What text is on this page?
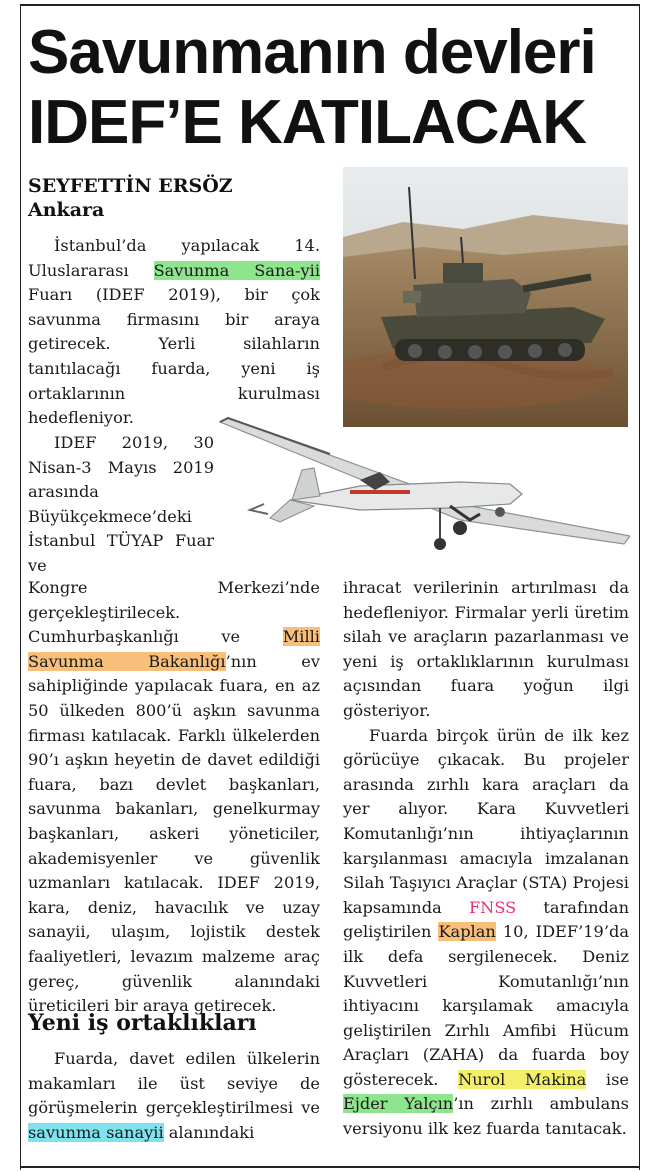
Savunmanın devleri
IDEF’E KATILACAK
SEYFETTİN ERSÖZ
Ankara

İstanbul’da yapılacak 14. Uluslararası Savunma Sana-yii Fuarı (IDEF 2019), bir çok savunma firmasını bir araya getirecek. Yerli silahların tanıtılacağı fuarda, yeni iş ortaklarının kurulması hedefleniyor.

IDEF 2019, 30 Nisan-3 Mayıs 2019 arasında Büyükçekmece’deki İstanbul TÜYAP Fuar ve

Kongre Merkezi’nde gerçekleştirilecek. Cumhurbaşkanlığı ve Milli Savunma Bakanlığı’nın ev sahipliğinde yapılacak fuara, en az 50 ülkeden 800’ü aşkın savunma firması katılacak. Farklı ülkelerden 90’ı aşkın heyetin de davet edildiği fuara, bazı devlet başkanları, savunma bakanları, genelkurmay başkanları, askeri yöneticiler, akademisyenler ve güvenlik uzmanları katılacak. IDEF 2019, kara, deniz, havacılık ve uzay sanayii, ulaşım, lojistik destek faaliyetleri, levazım malzeme araç gereç, güvenlik alanındaki üreticileri bir araya getirecek.

Yeni iş ortaklıkları

Fuarda, davet edilen ülkelerin makamları ile üst seviye de görüşmelerin gerçekleştirilmesi ve savunma sanayii alanındaki

ihracat verilerinin artırılması da hedefleniyor. Firmalar yerli üretim silah ve araçların pazarlanması ve yeni iş ortaklıklarının kurulması açısından fuara yoğun ilgi gösteriyor.

Fuarda birçok ürün de ilk kez görücüye çıkacak. Bu projeler arasında zırhlı kara araçları da yer alıyor. Kara Kuvvetleri Komutanlığı’nın ihtiyaçlarının karşılanması amacıyla imzalanan Silah Taşıyıcı Araçlar (STA) Projesi kapsamında FNSS tarafından geliştirilen Kaplan 10, IDEF’19’da ilk defa sergilenecek. Deniz Kuvvetleri Komutanlığı’nın ihtiyacını karşılamak amacıyla geliştirilen Zırhlı Amfibi Hücum Araçları (ZAHA) da fuarda boy gösterecek. Nurol Makina ise Ejder Yalçın’ın zırhlı ambulans versiyonu ilk kez fuarda tanıtacak.
